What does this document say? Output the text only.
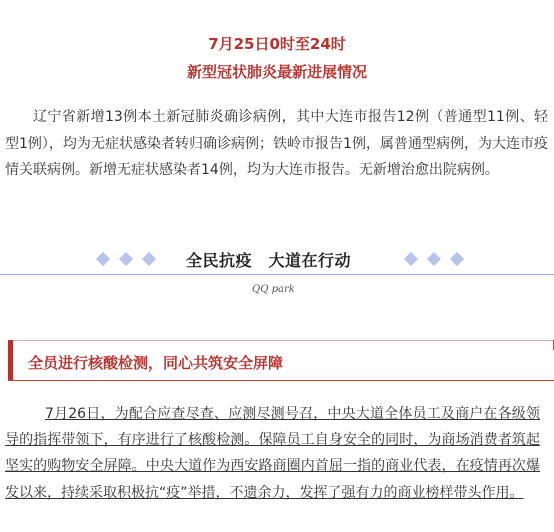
7月25日0时至24时
新型冠状肺炎最新进展情况

辽宁省新增13例本土新冠肺炎确诊病例，其中大连市报告12例（普通型11例、轻型1例），均为无症状感染者转归确诊病例；铁岭市报告1例，属普通型病例，为大连市疫情关联病例。新增无症状感染者14例，均为大连市报告。无新增治愈出院病例。

全民抗疫　大道在行动
QQ park
全员进行核酸检测，同心共筑安全屏障

7月26日，为配合应查尽查、应测尽测号召，中央大道全体员工及商户在各级领导的指挥带领下，有序进行了核酸检测。保障员工自身安全的同时，为商场消费者筑起坚实的购物安全屏障。中央大道作为西安路商圈内首屈一指的商业代表，在疫情再次爆发以来，持续采取积极抗“疫”举措，不遗余力，发挥了强有力的商业榜样带头作用。
